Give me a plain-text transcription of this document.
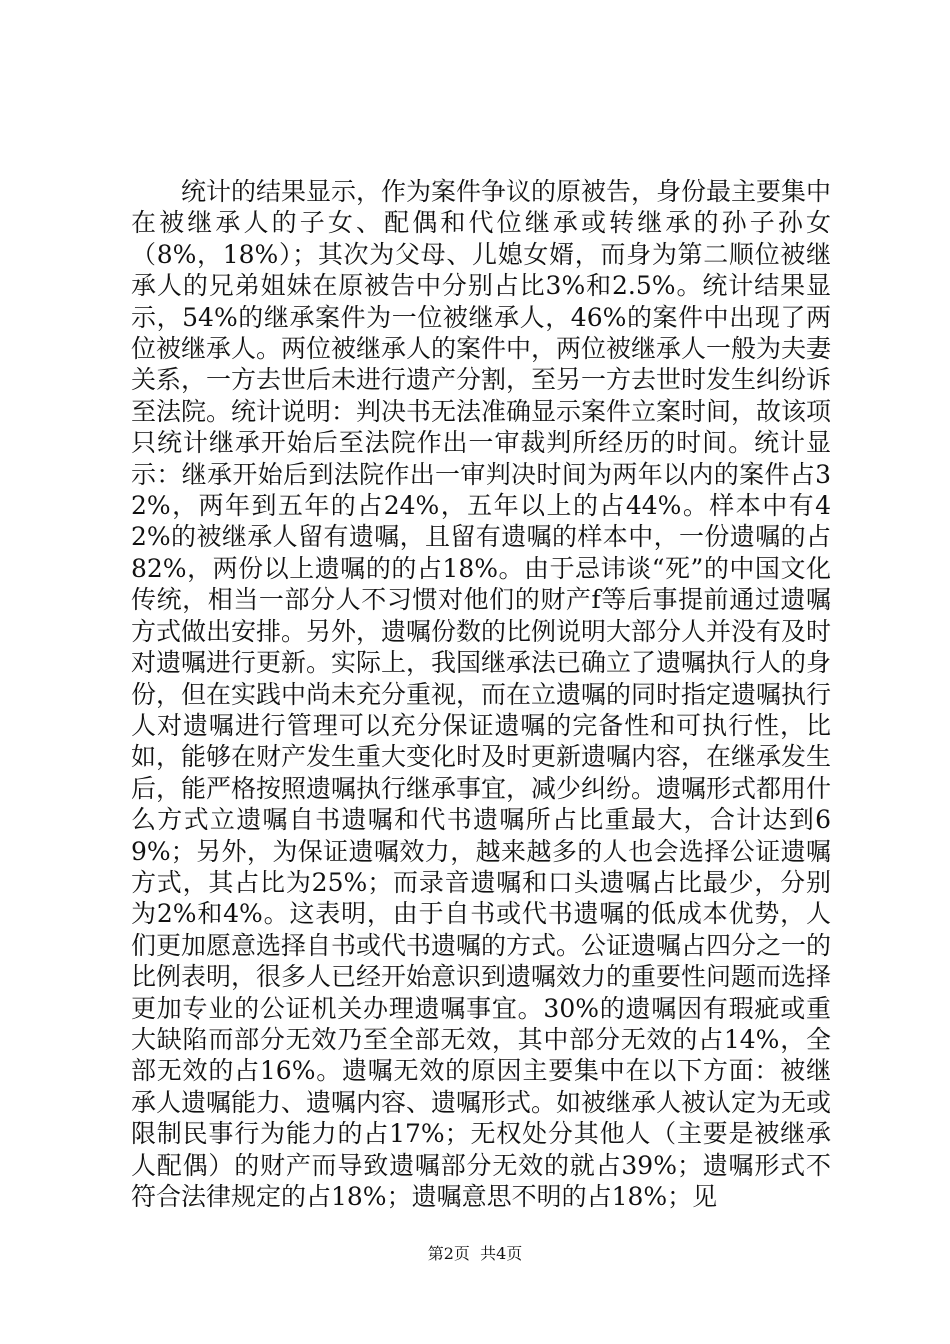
统计的结果显示，作为案件争议的原被告，身份最主要集中在被继承人的子女、配偶和代位继承或转继承的孙子孙女（8%，18%）；其次为父母、儿媳女婿，而身为第二顺位被继承人的兄弟姐妹在原被告中分别占比3%和2.5%。统计结果显示，54%的继承案件为一位被继承人，46%的案件中出现了两位被继承人。两位被继承人的案件中，两位被继承人一般为夫妻关系，一方去世后未进行遗产分割，至另一方去世时发生纠纷诉至法院。统计说明：判决书无法准确显示案件立案时间，故该项只统计继承开始后至法院作出一审裁判所经历的时间。统计显示：继承开始后到法院作出一审判决时间为两年以内的案件占32%，两年到五年的占24%，五年以上的占44%。样本中有42%的被继承人留有遗嘱，且留有遗嘱的样本中，一份遗嘱的占82%，两份以上遗嘱的的占18%。由于忌讳谈“死”的中国文化传统，相当一部分人不习惯对他们的财产f等后事提前通过遗嘱方式做出安排。另外，遗嘱份数的比例说明大部分人并没有及时对遗嘱进行更新。实际上，我国继承法已确立了遗嘱执行人的身份，但在实践中尚未充分重视，而在立遗嘱的同时指定遗嘱执行人对遗嘱进行管理可以充分保证遗嘱的完备性和可执行性，比如，能够在财产发生重大变化时及时更新遗嘱内容，在继承发生后，能严格按照遗嘱执行继承事宜，减少纠纷。遗嘱形式都用什么方式立遗嘱自书遗嘱和代书遗嘱所占比重最大，合计达到69%；另外，为保证遗嘱效力，越来越多的人也会选择公证遗嘱方式，其占比为25%；而录音遗嘱和口头遗嘱占比最少，分别为2%和4%。这表明，由于自书或代书遗嘱的低成本优势，人们更加愿意选择自书或代书遗嘱的方式。公证遗嘱占四分之一的比例表明，很多人已经开始意识到遗嘱效力的重要性问题而选择更加专业的公证机关办理遗嘱事宜。30%的遗嘱因有瑕疵或重大缺陷而部分无效乃至全部无效，其中部分无效的占14%，全部无效的占16%。遗嘱无效的原因主要集中在以下方面：被继承人遗嘱能力、遗嘱内容、遗嘱形式。如被继承人被认定为无或限制民事行为能力的占17%；无权处分其他人（主要是被继承人配偶）的财产而导致遗嘱部分无效的就占39%；遗嘱形式不符合法律规定的占18%；遗嘱意思不明的占18%；见

第2页 共4页
